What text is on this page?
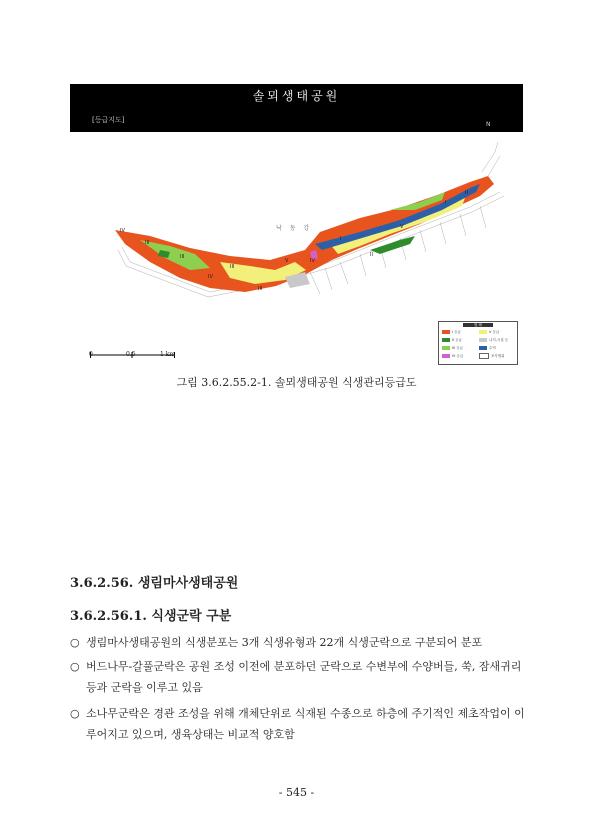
솔뫼생태공원
[등급지도]
N
IV
III
III
IV
V
III
III
II
I
IV
V
I
II
낙 동 강
범 례
I 등급	V 등급
II 등급	나지,시설 등
III 등급	수역
IV 등급	조사범위
0	0.5	1 km
그림 3.6.2.55.2-1. 솔뫼생태공원 식생관리등급도
3.6.2.56. 생림마사생태공원
3.6.2.56.1. 식생군락 구분
○ 생림마사생태공원의 식생분포는 3개 식생유형과 22개 식생군락으로 구분되어 분포
○ 버드나무-갈풀군락은 공원 조성 이전에 분포하던 군락으로 수변부에 수양버들, 쑥, 잠새귀리 등과 군락을 이루고 있음
○ 소나무군락은 경관 조성을 위해 개체단위로 식재된 수종으로 하층에 주기적인 제초작업이 이루어지고 있으며, 생육상태는 비교적 양호함
- 545 -
